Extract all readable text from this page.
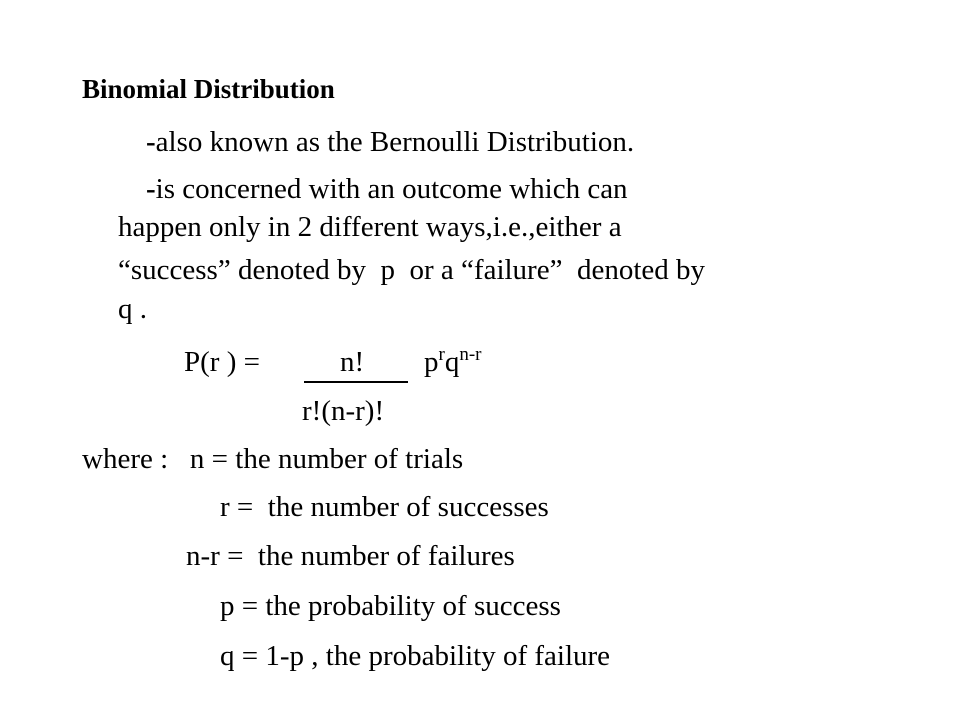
Binomial Distribution
-also known as the Bernoulli Distribution.
-is concerned with an outcome which can
happen only in 2 different ways,i.e.,either a
“success” denoted by  p  or a “failure”  denoted by
q .
P(r ) =	n! $p^rq^{n-r}$
r!(n-r)!
where : n = the number of trials
r =  the number of successes
n-r =  the number of failures
p = the probability of success
q = 1-p , the probability of failure
